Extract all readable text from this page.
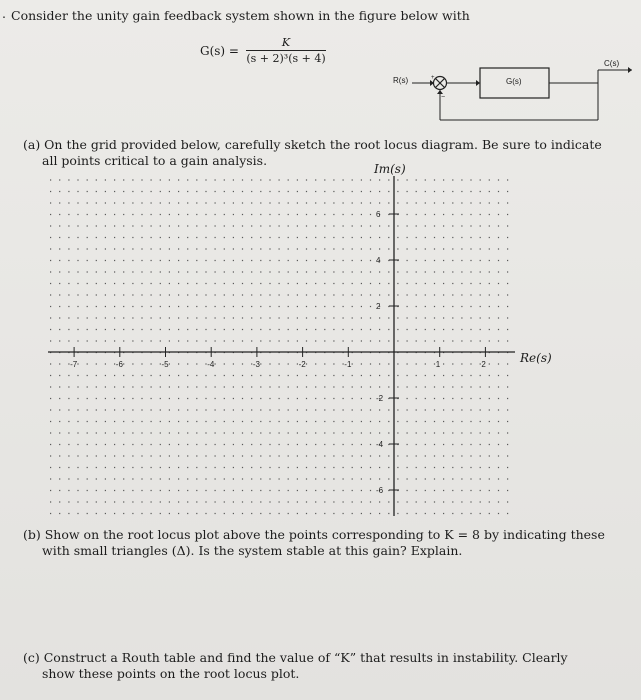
. Consider the unity gain feedback system shown in the figure below with
G(s) =
K
(s + 2)³(s + 4)
+
−
R(s)	G(s)
C(s)
(a) On the grid provided below, carefully sketch the root locus diagram. Be sure to indicate
all points critical to a gain analysis.
Im(s)
Re(s)
-7	-6	-5	-4	-3	-2	-1	1	2
6
4
2
-2
-4
-6
(b) Show on the root locus plot above the points corresponding to K = 8 by indicating these
with small triangles (Δ). Is the system stable at this gain? Explain.
(c) Construct a Routh table and find the value of “K” that results in instability. Clearly
show these points on the root locus plot.
